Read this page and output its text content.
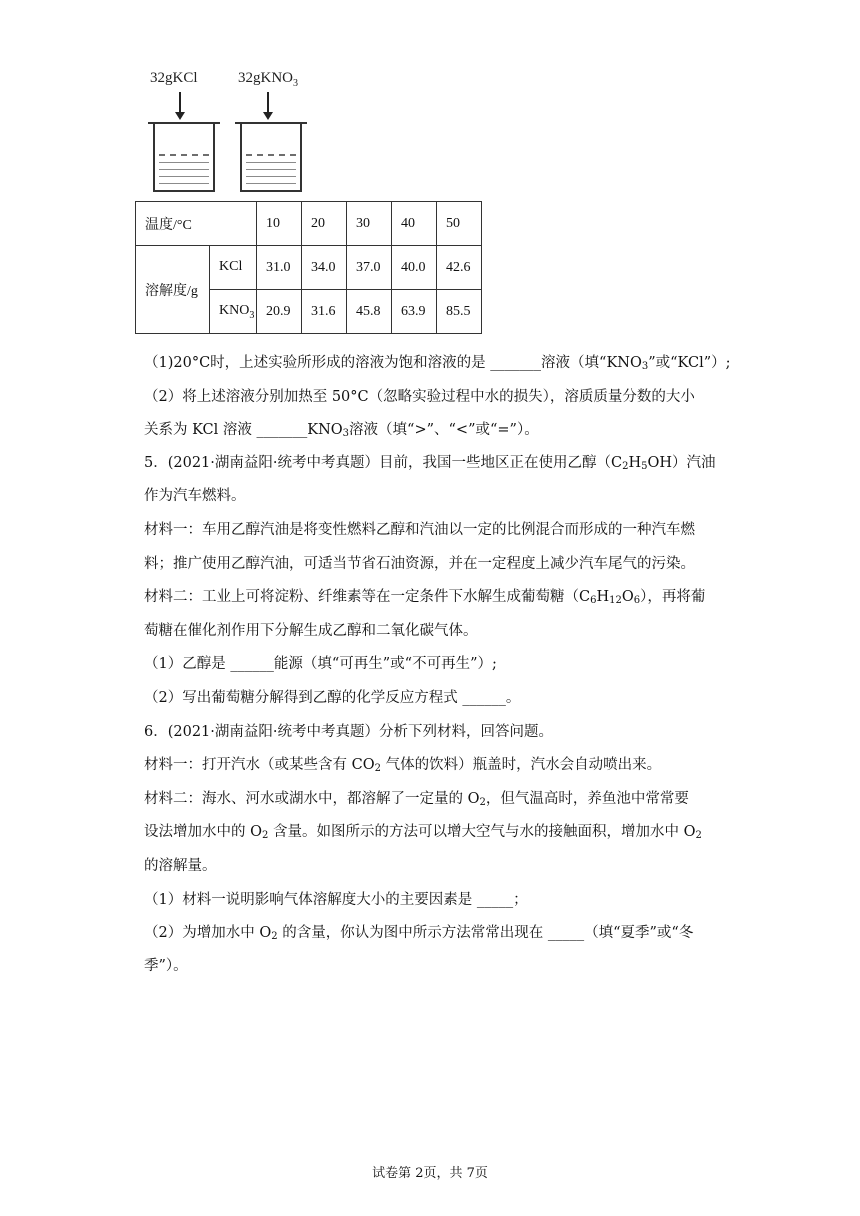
32gKCl	32gKNO$_3$
温度/°C		10	20	30	40	50
溶解度/g	KCl	31.0	34.0	37.0	40.0	42.6
	$KNO_3$	20.9	31.6	45.8	63.9	85.5
（1)20°C时，上述实验所形成的溶液为饱和溶液的是 _______溶液（填“$KNO_3$”或“KCl”）;
（2）将上述溶液分别加热至 50°C（忽略实验过程中水的损失），溶质质量分数的大小
关系为 KCl 溶液 $\_\_\_\_\_\_\_KNO_3$溶液（填“>”、“<”或“=”）。
5．(2021·湖南益阳·统考中考真题）目前，我国一些地区正在使用乙醇$(C_2H_5OH)$汽油
作为汽车燃料。
材料一：车用乙醇汽油是将变性燃料乙醇和汽油以一定的比例混合而形成的一种汽车燃
料；推广使用乙醇汽油，可适当节省石油资源，并在一定程度上减少汽车尾气的污染。
材料二：工业上可将淀粉、纤维素等在一定条件下水解生成葡萄糖$(C_6H_{12}O_6)$，再将葡
萄糖在催化剂作用下分解生成乙醇和二氧化碳气体。
（1）乙醇是 ______能源（填“可再生”或“不可再生”）;
（2）写出葡萄糖分解得到乙醇的化学反应方程式 ______。
6．(2021·湖南益阳·统考中考真题）分析下列材料，回答问题。
材料一：打开汽水（或某些含有 $CO_2$ 气体的饮料）瓶盖时，汽水会自动喷出来。
材料二：海水、河水或湖水中，都溶解了一定量的 $O_2$，但气温高时，养鱼池中常常要
设法增加水中的 $O_2$ 含量。如图所示的方法可以增大空气与水的接触面积，增加水中 $O_2$
的溶解量。
（1）材料一说明影响气体溶解度大小的主要因素是 _____；
（2）为增加水中 $O_2$ 的含量，你认为图中所示方法常常出现在 _____（填“夏季”或“冬
季”）。
试卷第 2页，共 7页
